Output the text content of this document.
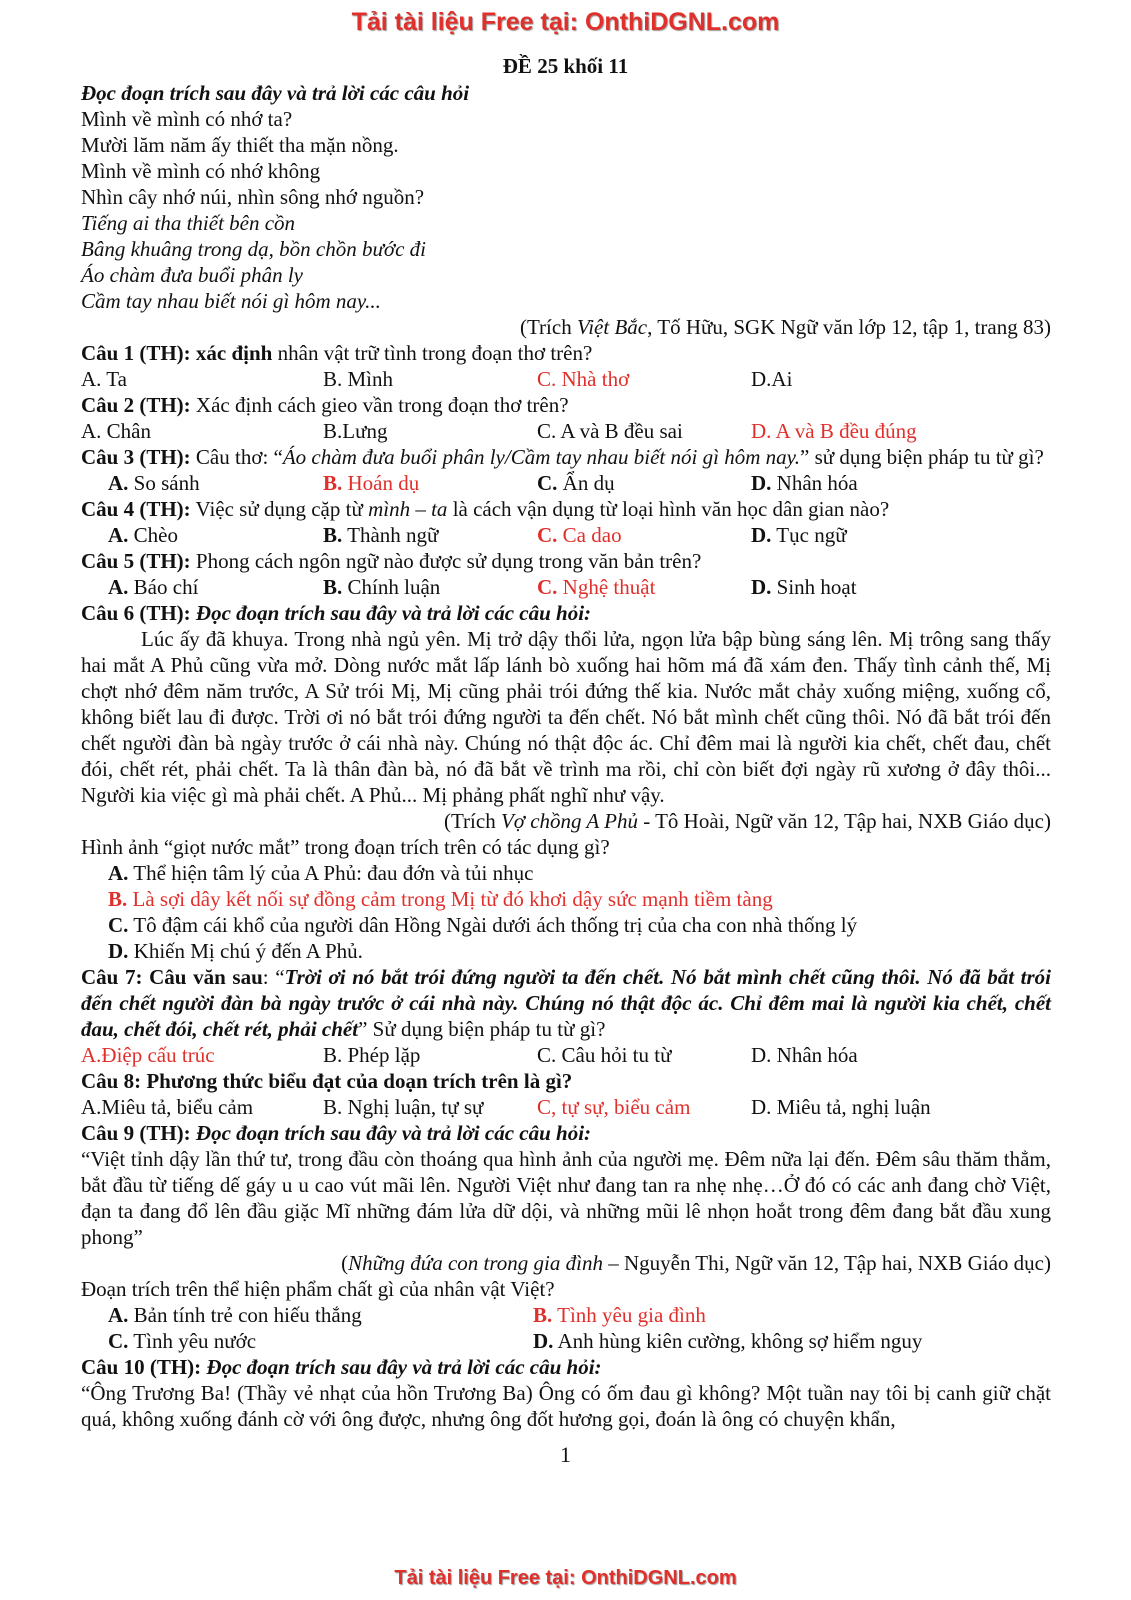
Tải tài liệu Free tại: OnthiDGNL.com
ĐỀ 25 khối 11
Đọc đoạn trích sau đây và trả lời các câu hỏi
Mình về mình có nhớ ta?
Mười lăm năm ấy thiết tha mặn nồng.
Mình về mình có nhớ không
Nhìn cây nhớ núi, nhìn sông nhớ nguồn?
Tiếng ai tha thiết bên cồn
Bâng khuâng trong dạ, bồn chồn bước đi
Áo chàm đưa buổi phân ly
Cầm tay nhau biết nói gì hôm nay...
(Trích Việt Bắc, Tố Hữu, SGK Ngữ văn lớp 12, tập 1, trang 83)
Câu 1 (TH): xác định nhân vật trữ tình trong đoạn thơ trên?
A. Ta	B. Mình	C. Nhà thơ	D.Ai
Câu 2 (TH): Xác định cách gieo vần trong đoạn thơ trên?
A. Chân	B.Lưng	C. A và B đều sai	D. A và B đều đúng
Câu 3 (TH): Câu thơ: “Áo chàm đưa buổi phân ly/Cầm tay nhau biết nói gì hôm nay.” sử dụng biện pháp tu từ gì?
A. So sánh	B. Hoán dụ	C. Ẩn dụ	D. Nhân hóa
Câu 4 (TH): Việc sử dụng cặp từ mình – ta là cách vận dụng từ loại hình văn học dân gian nào?
A. Chèo	B. Thành ngữ	C. Ca dao	D. Tục ngữ
Câu 5 (TH): Phong cách ngôn ngữ nào được sử dụng trong văn bản trên?
A. Báo chí	B. Chính luận	C. Nghệ thuật	D. Sinh hoạt
Câu 6 (TH): Đọc đoạn trích sau đây và trả lời các câu hỏi:
Lúc ấy đã khuya. Trong nhà ngủ yên. Mị trở dậy thổi lửa, ngọn lửa bập bùng sáng lên. Mị trông sang thấy hai mắt A Phủ cũng vừa mở. Dòng nước mắt lấp lánh bò xuống hai hõm má đã xám đen. Thấy tình cảnh thế, Mị chợt nhớ đêm năm trước, A Sử trói Mị, Mị cũng phải trói đứng thế kia. Nước mắt chảy xuống miệng, xuống cổ, không biết lau đi được. Trời ơi nó bắt trói đứng người ta đến chết. Nó bắt mình chết cũng thôi. Nó đã bắt trói đến chết người đàn bà ngày trước ở cái nhà này. Chúng nó thật độc ác. Chỉ đêm mai là người kia chết, chết đau, chết đói, chết rét, phải chết. Ta là thân đàn bà, nó đã bắt về trình ma rồi, chỉ còn biết đợi ngày rũ xương ở đây thôi... Người kia việc gì mà phải chết. A Phủ... Mị phảng phất nghĩ như vậy.
(Trích Vợ chồng A Phủ - Tô Hoài, Ngữ văn 12, Tập hai, NXB Giáo dục)
Hình ảnh “giọt nước mắt” trong đoạn trích trên có tác dụng gì?
A. Thể hiện tâm lý của A Phủ: đau đớn và tủi nhục
B. Là sợi dây kết nối sự đồng cảm trong Mị từ đó khơi dậy sức mạnh tiềm tàng
C. Tô đậm cái khổ của người dân Hồng Ngài dưới ách thống trị của cha con nhà thống lý
D. Khiến Mị chú ý đến A Phủ.
Câu 7: Câu văn sau: “Trời ơi nó bắt trói đứng người ta đến chết. Nó bắt mình chết cũng thôi. Nó đã bắt trói đến chết người đàn bà ngày trước ở cái nhà này. Chúng nó thật độc ác. Chỉ đêm mai là người kia chết, chết đau, chết đói, chết rét, phải chết” Sử dụng biện pháp tu từ gì?
A.Điệp cấu trúc	B. Phép lặp	C. Câu hỏi tu từ	D. Nhân hóa
Câu 8: Phương thức biểu đạt của doạn trích trên là gì?
A.Miêu tả, biểu cảm	B. Nghị luận, tự sự	C, tự sự, biểu cảm	D. Miêu tả, nghị luận
Câu 9 (TH): Đọc đoạn trích sau đây và trả lời các câu hỏi:
“Việt tỉnh dậy lần thứ tư, trong đầu còn thoáng qua hình ảnh của người mẹ. Đêm nữa lại đến. Đêm sâu thăm thẳm, bắt đầu từ tiếng dế gáy u u cao vút mãi lên. Người Việt như đang tan ra nhẹ nhẹ…Ở đó có các anh đang chờ Việt, đạn ta đang đổ lên đầu giặc Mĩ những đám lửa dữ dội, và những mũi lê nhọn hoắt trong đêm đang bắt đầu xung phong”
(Những đứa con trong gia đình – Nguyễn Thi, Ngữ văn 12, Tập hai, NXB Giáo dục)
Đoạn trích trên thể hiện phẩm chất gì của nhân vật Việt?
A. Bản tính trẻ con hiếu thắng	B. Tình yêu gia đình
C. Tình yêu nước	D. Anh hùng kiên cường, không sợ hiểm nguy
Câu 10 (TH): Đọc đoạn trích sau đây và trả lời các câu hỏi:
“Ông Trương Ba! (Thầy vẻ nhạt của hồn Trương Ba) Ông có ốm đau gì không? Một tuần nay tôi bị canh giữ chặt quá, không xuống đánh cờ với ông được, nhưng ông đốt hương gọi, đoán là ông có chuyện khẩn,
1
Tải tài liệu Free tại: OnthiDGNL.com
